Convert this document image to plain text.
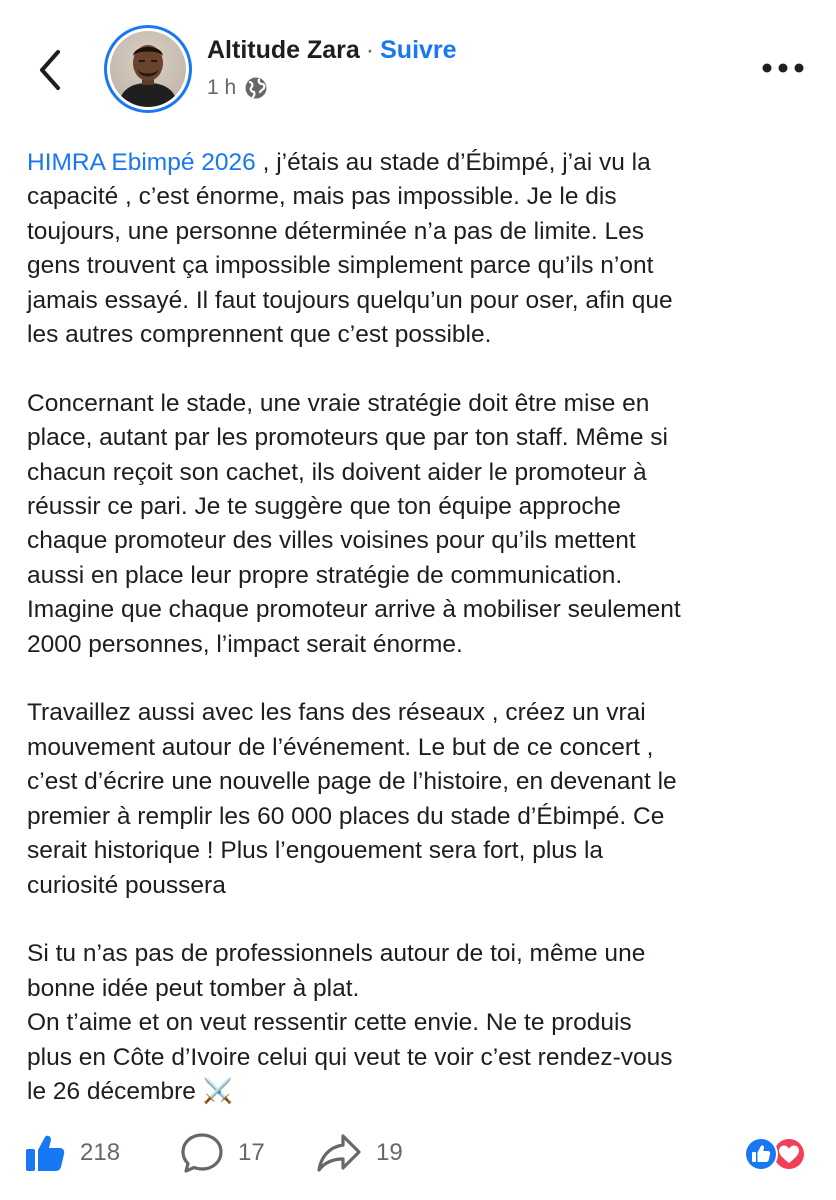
Altitude Zara · Suivre
1 h

HIMRA Ebimpé 2026 , j’étais au stade d’Ébimpé, j’ai vu la
capacité , c’est énorme, mais pas impossible. Je le dis
toujours, une personne déterminée n’a pas de limite. Les
gens trouvent ça impossible simplement parce qu’ils n’ont
jamais essayé. Il faut toujours quelqu’un pour oser, afin que
les autres comprennent que c’est possible.

Concernant le stade, une vraie stratégie doit être mise en
place, autant par les promoteurs que par ton staff. Même si
chacun reçoit son cachet, ils doivent aider le promoteur à
réussir ce pari. Je te suggère que ton équipe approche
chaque promoteur des villes voisines pour qu’ils mettent
aussi en place leur propre stratégie de communication.
Imagine que chaque promoteur arrive à mobiliser seulement
2000 personnes, l’impact serait énorme.

Travaillez aussi avec les fans des réseaux , créez un vrai
mouvement autour de l’événement. Le but de ce concert ,
c’est d’écrire une nouvelle page de l’histoire, en devenant le
premier à remplir les 60 000 places du stade d’Ébimpé. Ce
serait historique ! Plus l’engouement sera fort, plus la
curiosité poussera

Si tu n’as pas de professionnels autour de toi, même une
bonne idée peut tomber à plat.
On t’aime et on veut ressentir cette envie. Ne te produis
plus en Côte d’Ivoire celui qui veut te voir c’est rendez-vous
le 26 décembre ⚔️

218	17	19
